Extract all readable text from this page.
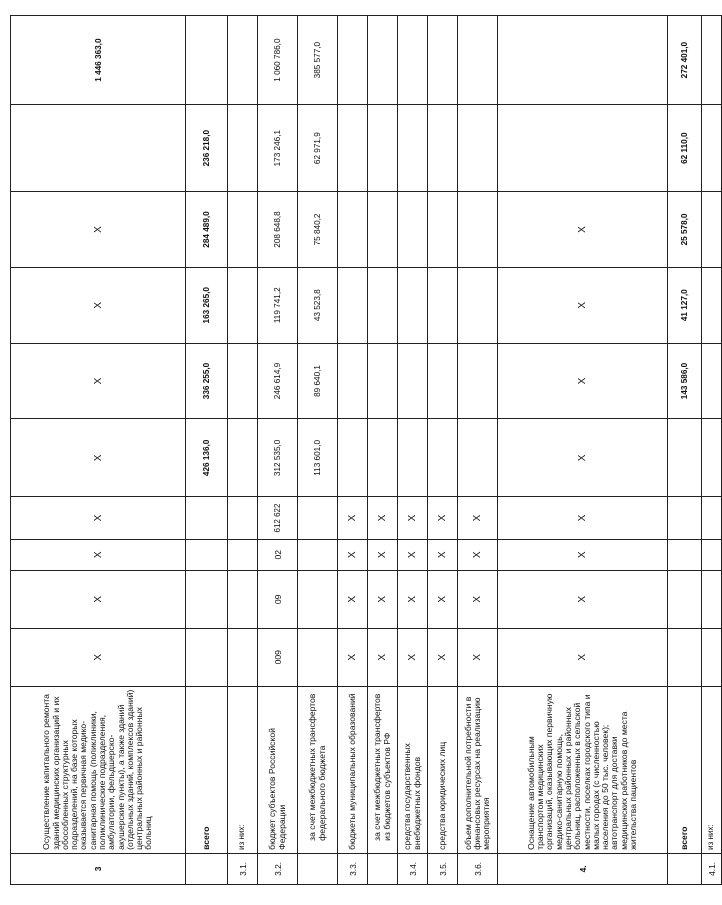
3	Осуществление капитального ремонта зданий медицинских организаций и их обособленных структурных подразделений, на базе которых оказывается первичная медико-санитарная помощь (поликлиники, поликлинические подразделения, амбулатории, фельдшерско-акушерские пункты), а также зданий (отдельных зданий, комплексов зданий) центральных районных и районных больниц	X	X	X	X	X	X	X	X		1 446 363,0
	всего					426 136,0	336 255,0	163 265,0	284 489,0	236 218,0	
3.1.	из них:										
3.2.	бюджет субъектов Российской Федерации	009	09	02	612 622	312 535,0	246 614,9	119 741,2	208 648,8	173 246,1	1 060 786,0
	за счет межбюджетных трансфертов федерального бюджета					113 601,0	89 640,1	43 523,8	75 840,2	62 971,9	385 577,0
3.3.	бюджеты муниципальных образований	X	X	X	X						
	за счет межбюджетных трансфертов из бюджетов субъектов РФ	X	X	X	X						
3.4.	средства государственных внебюджетных фондов	X	X	X	X						
3.5.	средства юридических лиц	X	X	X	X						
3.6.	объем дополнительной потребности в финансовых ресурсах на реализацию мероприятия	X	X	X	X						
4.	Оснащение автомобильным транспортом медицинских организаций, оказывающих первичную медико-санитарную помощь, центральных районных и районных больниц, расположенных в сельской местности, поселках городского типа и малых городах (с численностью населения до 50 тыс. человек); автотранспорт для доставки медицинских работников до места жительства пациентов	X	X	X	X	X	X	X	X		
	всего						143 586,0	41 127,0	25 578,0	62 110,0	272 401,0
4.1.	из них:										
